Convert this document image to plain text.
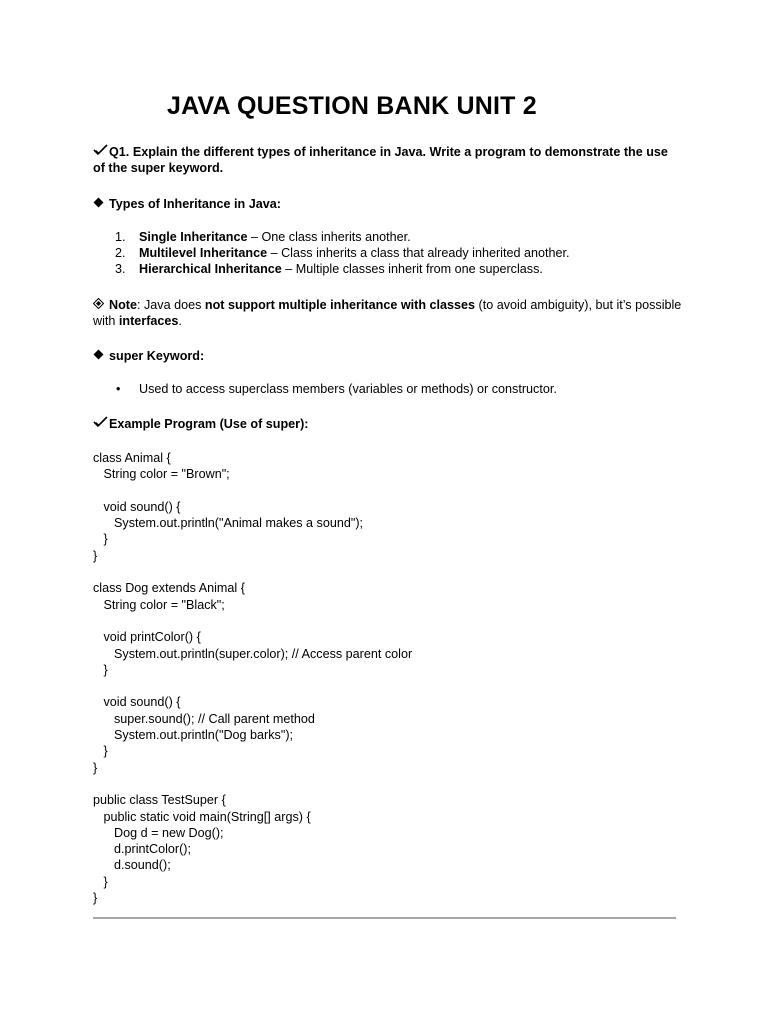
JAVA QUESTION BANK UNIT 2

Q1. Explain the different types of inheritance in Java. Write a program to demonstrate the use of the super keyword.

Types of Inheritance in Java:

1.	Single Inheritance – One class inherits another.

2.	Multilevel Inheritance – Class inherits a class that already inherited another.

3.	Hierarchical Inheritance – Multiple classes inherit from one superclass.

Note: Java does not support multiple inheritance with classes (to avoid ambiguity), but it’s possible with interfaces.

super Keyword:

• Used to access superclass members (variables or methods) or constructor.

Example Program (Use of super):

class Animal {
String color = "Brown";
void sound() {
System.out.println("Animal makes a sound");
}
}
class Dog extends Animal {
String color = "Black";
void printColor() {
System.out.println(super.color); // Access parent color
}
void sound() {
super.sound(); // Call parent method
System.out.println("Dog barks");
}
}
public class TestSuper {
public static void main(String[] args) {
Dog d = new Dog();
d.printColor();
d.sound();
}
}
